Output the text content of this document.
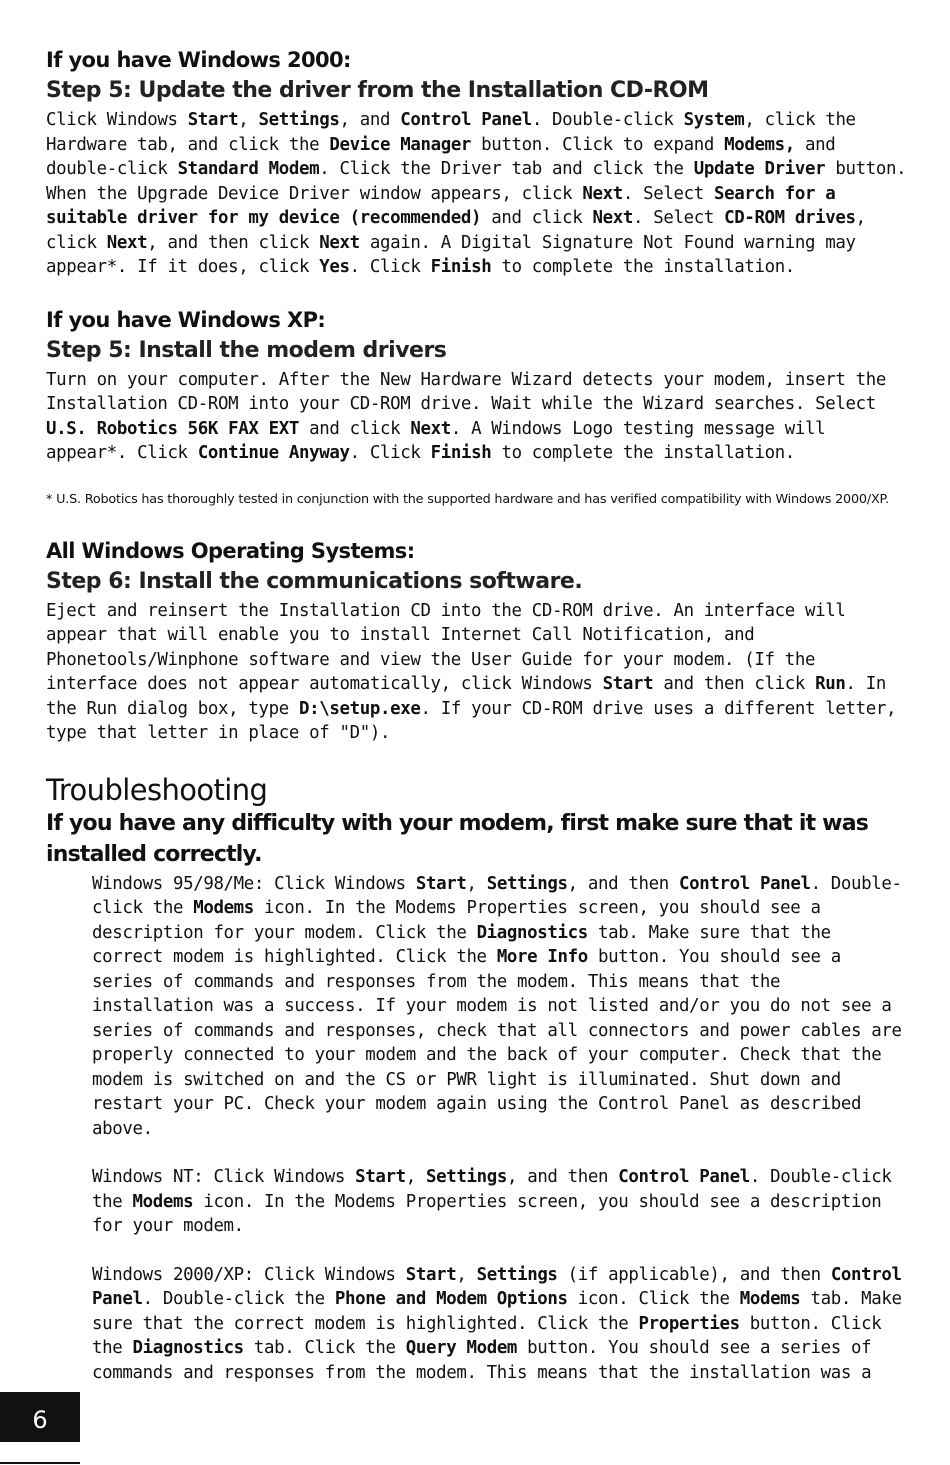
If you have Windows 2000:
Step 5: Update the driver from the Installation CD-ROM

Click Windows Start, Settings, and Control Panel. Double-click System, click the Hardware tab, and click the Device Manager button. Click to expand Modems, and double-click Standard Modem. Click the Driver tab and click the Update Driver button. When the Upgrade Device Driver window appears, click Next. Select Search for a suitable driver for my device (recommended) and click Next. Select CD-ROM drives, click Next, and then click Next again. A Digital Signature Not Found warning may appear*. If it does, click Yes. Click Finish to complete the installation.

If you have Windows XP:
Step 5: Install the modem drivers

Turn on your computer. After the New Hardware Wizard detects your modem, insert the Installation CD-ROM into your CD-ROM drive. Wait while the Wizard searches. Select U.S. Robotics 56K FAX EXT and click Next. A Windows Logo testing message will appear*. Click Continue Anyway. Click Finish to complete the installation.

* U.S. Robotics has thoroughly tested in conjunction with the supported hardware and has verified compatibility with Windows 2000/XP.

All Windows Operating Systems:
Step 6: Install the communications software.

Eject and reinsert the Installation CD into the CD-ROM drive. An interface will appear that will enable you to install Internet Call Notification, and Phonetools/Winphone software and view the User Guide for your modem. (If the interface does not appear automatically, click Windows Start and then click Run. In the Run dialog box, type D:\setup.exe. If your CD-ROM drive uses a different letter, type that letter in place of "D").

Troubleshooting
If you have any difficulty with your modem, first make sure that it was installed correctly.

Windows 95/98/Me: Click Windows Start, Settings, and then Control Panel. Double-click the Modems icon. In the Modems Properties screen, you should see a description for your modem. Click the Diagnostics tab. Make sure that the correct modem is highlighted. Click the More Info button. You should see a series of commands and responses from the modem. This means that the installation was a success. If your modem is not listed and/or you do not see a series of commands and responses, check that all connectors and power cables are properly connected to your modem and the back of your computer. Check that the modem is switched on and the CS or PWR light is illuminated. Shut down and restart your PC. Check your modem again using the Control Panel as described above.

Windows NT: Click Windows Start, Settings, and then Control Panel. Double-click the Modems icon. In the Modems Properties screen, you should see a description for your modem.

Windows 2000/XP: Click Windows Start, Settings (if applicable), and then Control Panel. Double-click the Phone and Modem Options icon. Click the Modems tab. Make sure that the correct modem is highlighted. Click the Properties button. Click the Diagnostics tab. Click the Query Modem button. You should see a series of commands and responses from the modem. This means that the installation was a

6
